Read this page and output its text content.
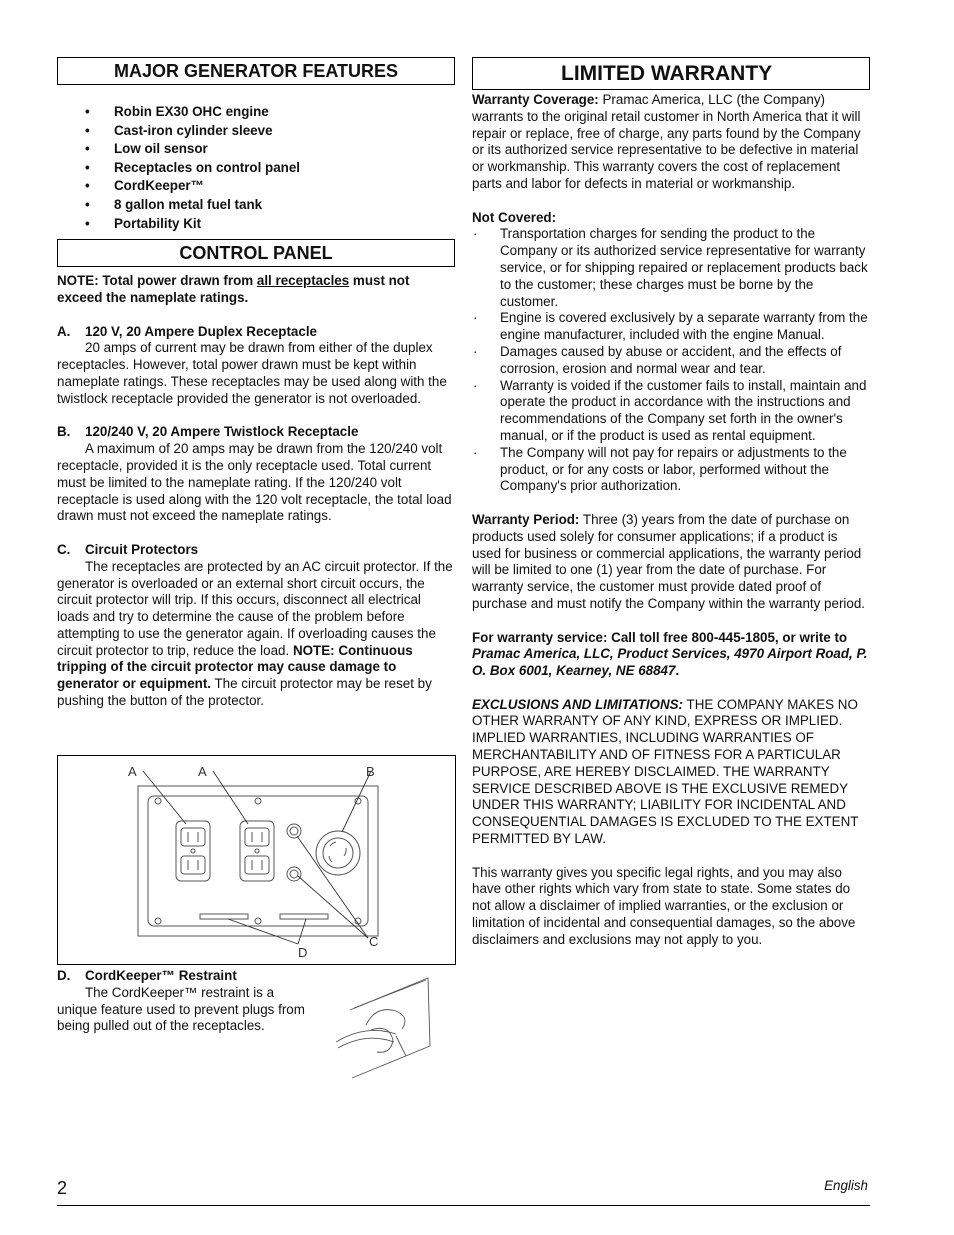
MAJOR GENERATOR FEATURES
• Robin EX30 OHC engine
• Cast-iron cylinder sleeve
• Low oil sensor
• Receptacles on control panel
• CordKeeper™
• 8 gallon metal fuel tank
• Portability Kit
CONTROL PANEL

NOTE: Total power drawn from all receptacles must not exceed the nameplate ratings.

A. 120 V, 20 Ampere Duplex Receptacle

20 amps of current may be drawn from either of the duplex receptacles. However, total power drawn must be kept within nameplate ratings. These receptacles may be used along with the twistlock receptacle provided the generator is not overloaded.

B. 120/240 V, 20 Ampere Twistlock Receptacle

A maximum of 20 amps may be drawn from the 120/240 volt receptacle, provided it is the only receptacle used. Total current must be limited to the nameplate rating. If the 120/240 volt receptacle is used along with the 120 volt receptacle, the total load drawn must not exceed the nameplate ratings.

C. Circuit Protectors

The receptacles are protected by an AC circuit protector. If the generator is overloaded or an external short circuit occurs, the circuit protector will trip. If this occurs, disconnect all electrical loads and try to determine the cause of the problem before attempting to use the generator again. If overloading causes the circuit protector to trip, reduce the load. NOTE: Continuous tripping of the circuit protector may cause damage to generator or equipment. The circuit protector may be reset by pushing the button of the protector.

A	A	B
C
D

D. CordKeeper™ Restraint

The CordKeeper™ restraint is a unique feature used to prevent plugs from being pulled out of the receptacles.

LIMITED WARRANTY

Warranty Coverage: Pramac America, LLC (the Company) warrants to the original retail customer in North America that it will repair or replace, free of charge, any parts found by the Company or its authorized service representative to be defective in material or workmanship. This warranty covers the cost of replacement parts and labor for defects in material or workmanship.

Not Covered:

· Transportation charges for sending the product to the Company or its authorized service representative for warranty service, or for shipping repaired or replacement products back to the customer; these charges must be borne by the customer.
· Engine is covered exclusively by a separate warranty from the engine manufacturer, included with the engine Manual.
· Damages caused by abuse or accident, and the effects of corrosion, erosion and normal wear and tear.
· Warranty is voided if the customer fails to install, maintain and operate the product in accordance with the instructions and recommendations of the Company set forth in the owner's manual, or if the product is used as rental equipment.
· The Company will not pay for repairs or adjustments to the product, or for any costs or labor, performed without the Company's prior authorization.

Warranty Period: Three (3) years from the date of purchase on products used solely for consumer applications; if a product is used for business or commercial applications, the warranty period will be limited to one (1) year from the date of purchase. For warranty service, the customer must provide dated proof of purchase and must notify the Company within the warranty period.

For warranty service: Call toll free 800-445-1805, or write to Pramac America, LLC, Product Services, 4970 Airport Road, P. O. Box 6001, Kearney, NE 68847.

EXCLUSIONS AND LIMITATIONS: THE COMPANY MAKES NO OTHER WARRANTY OF ANY KIND, EXPRESS OR IMPLIED. IMPLIED WARRANTIES, INCLUDING WARRANTIES OF MERCHANTABILITY AND OF FITNESS FOR A PARTICULAR PURPOSE, ARE HEREBY DISCLAIMED. THE WARRANTY SERVICE DESCRIBED ABOVE IS THE EXCLUSIVE REMEDY UNDER THIS WARRANTY; LIABILITY FOR INCIDENTAL AND CONSEQUENTIAL DAMAGES IS EXCLUDED TO THE EXTENT PERMITTED BY LAW.

This warranty gives you specific legal rights, and you may also have other rights which vary from state to state. Some states do not allow a disclaimer of implied warranties, or the exclusion or limitation of incidental and consequential damages, so the above disclaimers and exclusions may not apply to you.

2	English
